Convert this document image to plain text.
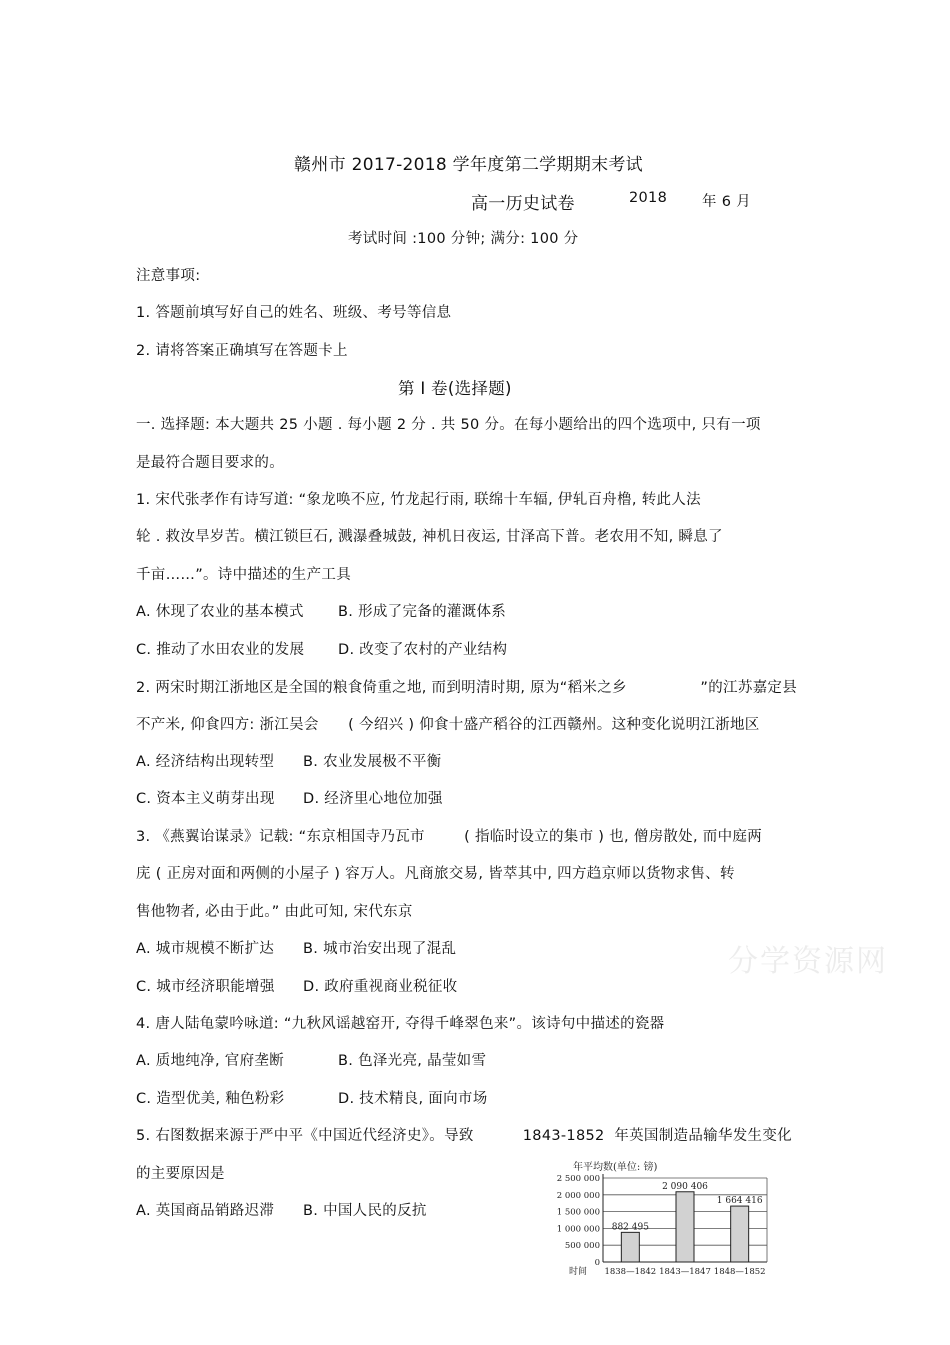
赣州市 2017-2018 学年度第二学期期末考试
高一历史试卷	2018 年 6 月
考试时间 :100 分钟; 满分: 100 分
注意事项:
1. 答题前填写好自己的姓名、班级、考号等信息
2. 请将答案正确填写在答题卡上
第 I 卷(选择题)
一. 选择题: 本大题共 25 小题 . 每小题 2 分 . 共 50 分。在每小题给出的四个选项中, 只有一项
是最符合题目要求的。
1. 宋代张孝作有诗写道: “象龙唤不应, 竹龙起行雨, 联绵十车辐, 伊轧百舟橹, 转此人法
轮 . 救汝旱岁苦。横江锁巨石, 溅瀑叠城鼓, 神机日夜运, 甘泽高下普。老农用不知, 瞬息了
千亩……”。诗中描述的生产工具
A. 休现了农业的基本模式 B. 形成了完备的灌溉体系
C. 推动了水田农业的发展 D. 改变了农村的产业结构
2. 两宋时期江浙地区是全国的粮食倚重之地, 而到明清时期, 原为“稻米之乡               ”的江苏嘉定县
不产米, 仰食四方: 浙江吴会      ( 今绍兴 ) 仰食十盛产稻谷的江西赣州。这种变化说明江浙地区
A. 经济结构出现转型 B. 农业发展极不平衡
C. 资本主义萌芽出现 D. 经济里心地位加强
3. 《燕翼诒谋录》记载: “东京相国寺乃瓦市        ( 指临时设立的集市 ) 也, 僧房散处, 而中庭两
庑 ( 正房对面和两侧的小屋子 ) 容万人。凡商旅交易, 皆萃其中, 四方趋京师以货物求售、转
售他物者, 必由于此。” 由此可知, 宋代东京
A. 城市规模不断扩达 B. 城市治安出现了混乱
C. 城市经济职能增强 D. 政府重视商业税征收
4. 唐人陆龟蒙吟咏道: “九秋风谣越窑开, 夺得千峰翠色来”。该诗句中描述的瓷器
A. 质地纯净, 官府垄断	B. 色泽光亮, 晶莹如雪
C. 造型优美, 釉色粉彩	D. 技术精良, 面向市场
5. 右图数据来源于严中平《中国近代经济史》。导致          1843-1852  年英国制造品输华发生变化
的主要原因是
A. 英国商品销路迟滞 B. 中国人民的反抗
分学资源网
年平均数(单位: 镑)
0
500 000
1 000 000
1 500 000
2 000 000
2 500 000
1838—1842 1843—1847 1848—1852
882 495
2 090 406
1 664 416
时间
